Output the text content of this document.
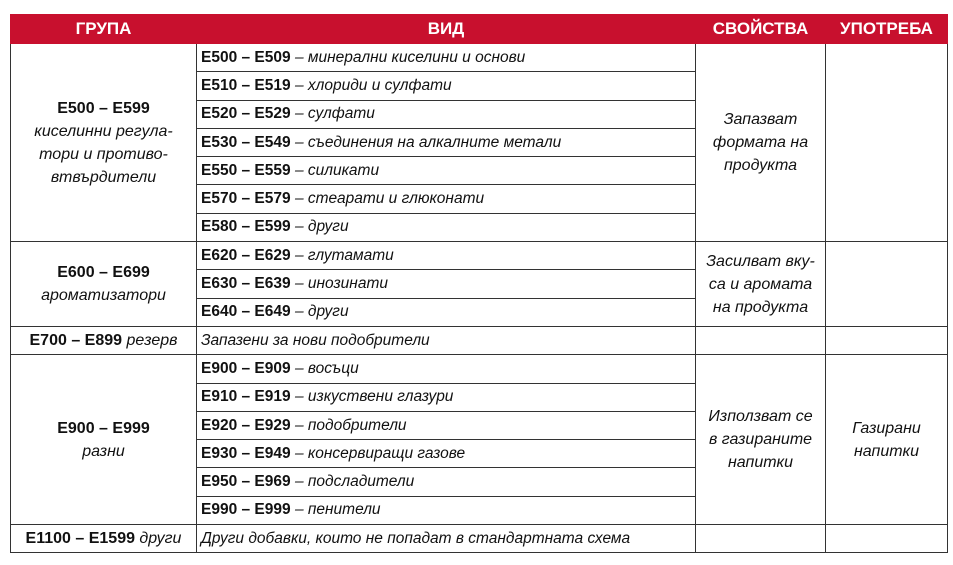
ГРУПА	ВИД	СВОЙСТВА	УПОТРЕБА

Е500 – Е599
киселинни регула-
тори и противо-
втвърдители	Е500 – Е509 – минерални киселини и основи	Запазват
формата на
продукта	

	Е510 – Е519 – хлориди и сулфати		
	Е520 – Е529 – сулфати		
	Е530 – Е549 – съединения на алкалните метали		
	Е550 – Е559 – силикати		
	Е570 – Е579 – стеарати и глюконати		
	Е580 – Е599 – други		

Е600 – Е699
ароматизатори	Е620 – Е629 – глутамати	Засилват вку-
са и аромата
на продукта	

	Е630 – Е639 – инозинати		
	Е640 – Е649 – други		
Е700 – Е899 резерв	Запазени за нови подобрители		

Е900 – Е999
разни	Е900 – Е909 – восъци	Използват се
в газираните
напитки	Газирани
напитки

	Е910 – Е919 – изкуствени глазури		
	Е920 – Е929 – подобрители		
	Е930 – Е949 – консервиращи газове		
	Е950 – Е969 – подсладители		
	Е990 – Е999 – пенители		
Е1100 – Е1599 други	Други добавки, които не попадат в стандартната схема		
